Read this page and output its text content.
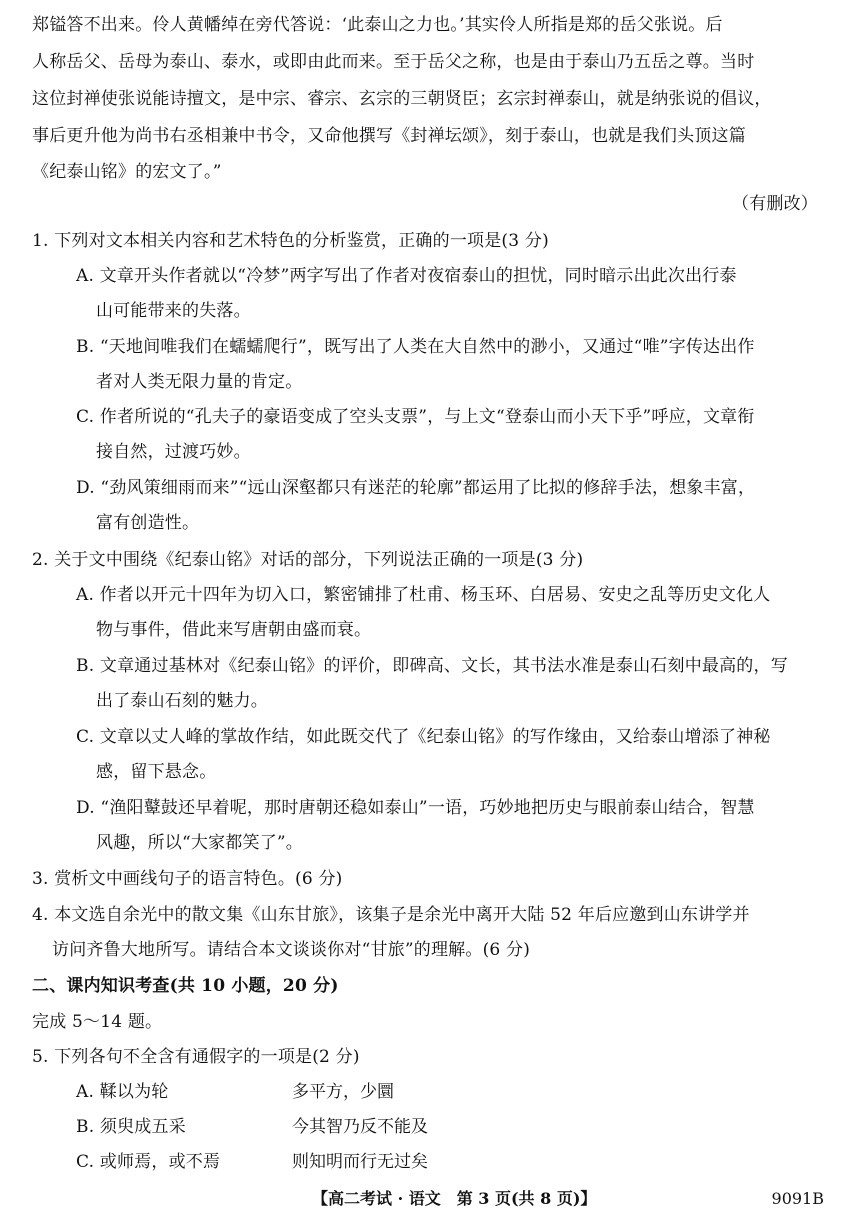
郑镒答不出来。伶人黄幡绰在旁代答说：‘此泰山之力也。’其实伶人所指是郑的岳父张说。后
人称岳父、岳母为泰山、泰水，或即由此而来。至于岳父之称，也是由于泰山乃五岳之尊。当时
这位封禅使张说能诗擅文，是中宗、睿宗、玄宗的三朝贤臣；玄宗封禅泰山，就是纳张说的倡议，
事后更升他为尚书右丞相兼中书令，又命他撰写《封禅坛颂》，刻于泰山，也就是我们头顶这篇
《纪泰山铭》的宏文了。”
（有删改）
1. 下列对文本相关内容和艺术特色的分析鉴赏，正确的一项是(3 分)
A. 文章开头作者就以“冷梦”两字写出了作者对夜宿泰山的担忧，同时暗示出此次出行泰
山可能带来的失落。
B. “天地间唯我们在蠕蠕爬行”，既写出了人类在大自然中的渺小，又通过“唯”字传达出作
者对人类无限力量的肯定。
C. 作者所说的“孔夫子的豪语变成了空头支票”，与上文“登泰山而小天下乎”呼应，文章衔
接自然，过渡巧妙。
D. “劲风策细雨而来”“远山深壑都只有迷茫的轮廓”都运用了比拟的修辞手法，想象丰富，
富有创造性。
2. 关于文中围绕《纪泰山铭》对话的部分，下列说法正确的一项是(3 分)
A. 作者以开元十四年为切入口，繁密铺排了杜甫、杨玉环、白居易、安史之乱等历史文化人
物与事件，借此来写唐朝由盛而衰。
B. 文章通过基林对《纪泰山铭》的评价，即碑高、文长，其书法水准是泰山石刻中最高的，写
出了泰山石刻的魅力。
C. 文章以丈人峰的掌故作结，如此既交代了《纪泰山铭》的写作缘由，又给泰山增添了神秘
感，留下悬念。
D. “渔阳鼙鼓还早着呢，那时唐朝还稳如泰山”一语，巧妙地把历史与眼前泰山结合，智慧
风趣，所以“大家都笑了”。
3. 赏析文中画线句子的语言特色。(6 分)
4. 本文选自余光中的散文集《山东甘旅》，该集子是余光中离开大陆 52 年后应邀到山东讲学并
访问齐鲁大地所写。请结合本文谈谈你对“甘旅”的理解。(6 分)
二、课内知识考查(共 10 小题，20 分)
完成 5～14 题。
5. 下列各句不全含有通假字的一项是(2 分)
A. 鞣以为轮	多平方，少圜
B. 须臾成五采	今其智乃反不能及
C. 或师焉，或不焉	则知明而行无过矣
【高二考试 · 语文　第 3 页(共 8 页)】	9091B
